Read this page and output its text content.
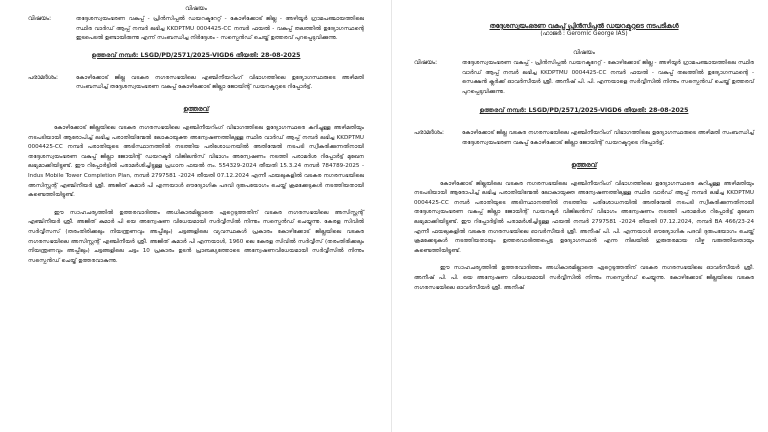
വിഷയം

വിഷയം:	തദ്ദേശസ്വയംഭരണ വകുപ്പ് - പ്രിൻസിപ്പൽ ഡയറക്ടറേറ്റ് - കോഴിക്കോട് ജില്ല - അഴിയൂർ ഗ്രാമപഞ്ചായത്തിലെ സ്ഥിര വാർഡ് ആപ്പ് നമ്പർ ലഭിച്ച KKDPTMU 0004425-CC നമ്പർ ഫയൽ - വകുപ്പ് തലത്തിൽ ഉദ്യോഗസ്ഥന്റെ ഇടപെടൽ ഉണ്ടായിരുന്നു എന്ന് സംബന്ധിച്ച നിർദ്ദേശം - സസ്പെൻഡ് ചെയ്ത് ഉത്തരവ് പുറപ്പെടുവിക്കുന്നു.

ഉത്തരവ് നമ്പർ: LSGD/PD/2571/2025-VIGD6 തീയതി: 28-08-2025

പരാമർശം:	കോഴിക്കോട് ജില്ല വടകര നഗരസഭയിലെ എഞ്ചിനീയറിംഗ് വിഭാഗത്തിലെ ഉദ്യോഗസ്ഥരുടെ അഴിമതി സംബന്ധിച്ച് തദ്ദേശസ്വയംഭരണ വകുപ്പ് കോഴിക്കോട് ജില്ലാ ജോയിന്റ് ഡയറക്ടറുടെ റിപ്പോർട്ട്.

ഉത്തരവ്

കോഴിക്കോട് ജില്ലയിലെ വടകര നഗരസഭയിലെ എഞ്ചിനീയറിംഗ് വിഭാഗത്തിലെ ഉദ്യോഗസ്ഥരെ കുറിച്ചുള്ള അഴിമതിയും നടപടിയായി ആരോപിച്ച് ലഭിച്ച പരാതിയിന്മേൽ ലോകായുക്ത അന്വേഷണത്തിലുള്ള സ്ഥിര വാർഡ് ആപ്പ് നമ്പർ ലഭിച്ച KKDPTMU 0004425-CC നമ്പർ പരാതിയുടെ അടിസ്ഥാനത്തിൽ നടത്തിയ പരിശോധനയിൽ അതിന്മേൽ നടപടി സ്വീകരിക്കുന്നതിനായി തദ്ദേശസ്വയംഭരണ വകുപ്പ് ജില്ലാ ജോയിന്റ് ഡയറക്ടർ വിജിലൻസ് വിഭാഗം അന്വേഷണം നടത്തി പരാമർശ റിപ്പോർട്ട് മുഖേന ലഭ്യമാക്കിയിട്ടുണ്ട്. ഈ റിപ്പോർട്ടിൽ പരാമർശിച്ചിട്ടുള്ള പ്രധാന ഫയൽ നം. 554329-2024 തീയതി 15.3.24 നമ്പർ 784789-2025 - Indus Mobile Tower Completion Plan, നമ്പർ 2797581 -2024 തീയതി 07.12.2024 എന്നീ ഫയലുകളിൽ വടകര നഗരസഭയിലെ അസിസ്റ്റന്റ് എഞ്ചിനീയർ ശ്രീ. അജിത് കുമാർ പി എന്നയാൾ ഔദ്യോഗിക പദവി ദുരുപയോഗം ചെയ്ത് ക്രമക്കേടുകൾ നടത്തിയതായി കണ്ടെത്തിയിട്ടുണ്ട്.

ഈ സാഹചര്യത്തിൽ ഉത്തരവാദിത്തം അധികാരമില്ലാതെ ഏറ്റെടുത്തതിന് വടകര നഗരസഭയിലെ അസിസ്റ്റന്റ് എഞ്ചിനീയർ ശ്രീ. അജിത് കുമാർ പി യെ അന്വേഷണ വിധേയമായി സർവ്വീസിൽ നിന്നും സസ്പെൻഡ് ചെയ്യുന്നു. കേരള സിവിൽ സർവ്വീസസ് (തരംതിരിക്കലും നിയന്ത്രണവും അപ്പീലും) ചട്ടങ്ങളിലെ വ്യവസ്ഥകൾ പ്രകാരം കോഴിക്കോട് ജില്ലയിലെ വടകര നഗരസഭയിലെ അസിസ്റ്റന്റ് എഞ്ചിനീയർ ശ്രീ. അജിത് കുമാർ പി എന്നയാൾ, 1960 ലെ കേരള സിവിൽ സർവ്വീസ് (തരംതിരിക്കലും നിയന്ത്രണവും അപ്പീലും) ചട്ടങ്ങളിലെ ചട്ടം 10 പ്രകാരം ഉടൻ പ്രാബല്യത്തോടെ അന്വേഷണവിധേയമായി സർവ്വീസിൽ നിന്നും സസ്പെൻഡ് ചെയ്ത് ഉത്തരവാകുന്നു.

തദ്ദേശസ്വയംഭരണ വകുപ്പ് പ്രിൻസിപ്പൽ ഡയറക്ടറുടെ നടപടികൾ

(ഹാജർ : Geromic George IAS)

വിഷയം

വിഷയം:	തദ്ദേശസ്വയംഭരണ വകുപ്പ് - പ്രിൻസിപ്പൽ ഡയറക്ടറേറ്റ് - കോഴിക്കോട് ജില്ല - അഴിയൂർ ഗ്രാമപഞ്ചായത്തിലെ സ്ഥിര വാർഡ് ആപ്പ് നമ്പർ ലഭിച്ച KKDPTMU 0004425-CC നമ്പർ ഫയൽ - വകുപ്പ് തലത്തിൽ ഉദ്യോഗസ്ഥന്റെ - സെക്ഷൻ ക്ലർക്ക് ഓവർസീയർ ശ്രീ. അനീഷ് പി. പി. എന്നയാളെ സർവ്വീസിൽ നിന്നും സസ്പെൻഡ് ചെയ്ത് ഉത്തരവ് പുറപ്പെടുവിക്കുന്നു.

ഉത്തരവ് നമ്പർ: LSGD/PD/2571/2025-VIGD6 തീയതി: 28-08-2025

പരാമർശം:	കോഴിക്കോട് ജില്ല വടകര നഗരസഭയിലെ എഞ്ചിനീയറിംഗ് വിഭാഗത്തിലെ ഉദ്യോഗസ്ഥരുടെ അഴിമതി സംബന്ധിച്ച് തദ്ദേശസ്വയംഭരണ വകുപ്പ് കോഴിക്കോട് ജില്ലാ ജോയിന്റ് ഡയറക്ടറുടെ റിപ്പോർട്ട്.

ഉത്തരവ്

കോഴിക്കോട് ജില്ലയിലെ വടകര നഗരസഭയിലെ എഞ്ചിനീയറിംഗ് വിഭാഗത്തിലെ ഉദ്യോഗസ്ഥരെ കുറിച്ചുള്ള അഴിമതിയും നടപടിയായി ആരോപിച്ച് ലഭിച്ച പരാതിയിന്മേൽ ലോകായുക്ത അന്വേഷണത്തിലുള്ള സ്ഥിര വാർഡ് ആപ്പ് നമ്പർ ലഭിച്ച KKDPTMU 0004425-CC നമ്പർ പരാതിയുടെ അടിസ്ഥാനത്തിൽ നടത്തിയ പരിശോധനയിൽ അതിന്മേൽ നടപടി സ്വീകരിക്കുന്നതിനായി തദ്ദേശസ്വയംഭരണ വകുപ്പ് ജില്ലാ ജോയിന്റ് ഡയറക്ടർ വിജിലൻസ് വിഭാഗം അന്വേഷണം നടത്തി പരാമർശ റിപ്പോർട്ട് മുഖേന ലഭ്യമാക്കിയിട്ടുണ്ട്. ഈ റിപ്പോർട്ടിൽ പരാമർശിച്ചിട്ടുള്ള ഫയൽ നമ്പർ 2797581 -2024 തീയതി 07.12.2024, നമ്പർ BA 466/23-24 എന്നീ ഫയലുകളിൽ വടകര നഗരസഭയിലെ ഓവർസീയർ ശ്രീ. അനീഷ് പി. പി. എന്നയാൾ ഔദ്യോഗിക പദവി ദുരുപയോഗം ചെയ്ത് ക്രമക്കേടുകൾ നടത്തിയതായും ഉത്തരവാദിത്തപ്പെട്ട ഉദ്യോഗസ്ഥൻ എന്ന നിലയിൽ ഗുരുതരമായ വീഴ്ച വരുത്തിയതായും കണ്ടെത്തിയിട്ടുണ്ട്.

ഈ സാഹചര്യത്തിൽ ഉത്തരവാദിത്തം അധികാരമില്ലാതെ ഏറ്റെടുത്തതിന് വടകര നഗരസഭയിലെ ഓവർസീയർ ശ്രീ. അനീഷ് പി. പി. യെ അന്വേഷണ വിധേയമായി സർവ്വീസിൽ നിന്നും സസ്പെൻഡ് ചെയ്യുന്നു. കോഴിക്കോട് ജില്ലയിലെ വടകര നഗരസഭയിലെ ഓവർസീയർ ശ്രീ. അനീഷ്
